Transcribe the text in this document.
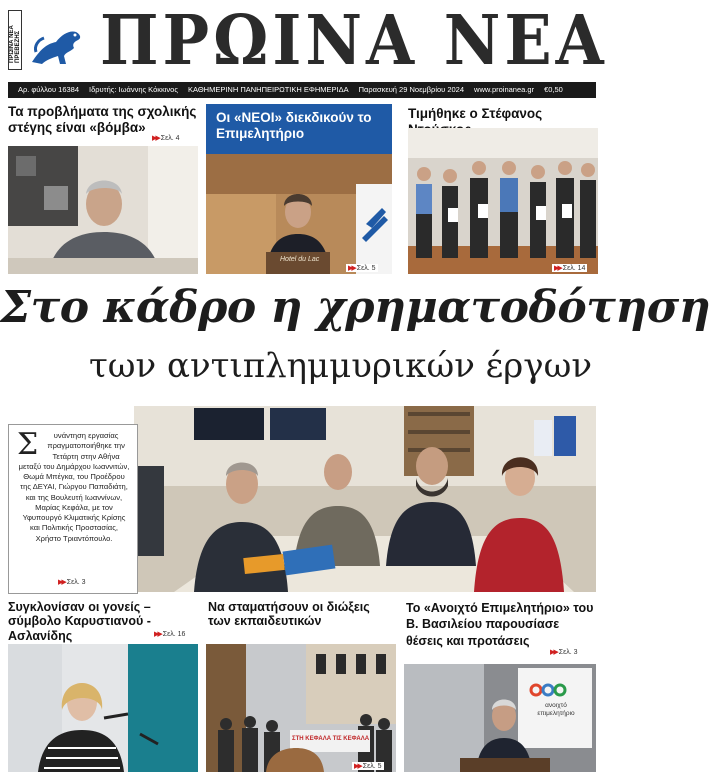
ΠΡΩΙΝΑ ΝΕΑ ΠΡΕΒΕΖΗΣ ΠΡΩΙΝΑ ΝΕΑ
Αρ. φύλλου 16384 Ιδρυτής: Ιωάννης Κόκκινος ΚΑΘΗΜΕΡΙΝΗ ΠΑΝΗΠΕΙΡΩΤΙΚΗ ΕΦΗΜΕΡΙΔΑ Παρασκευή 29 Νοεμβρίου 2024 www.proinanea.gr €0,50
Τα προβλήματα της σχολικής στέγης είναι «βόμβα»
▶▶ Σελ. 4
Οι «ΝΕΟΙ» διεκδικούν το Επιμελητήριο
Hotel du Lac
▶▶ Σελ. 5
Τιμήθηκε ο Στέφανος
▶▶ Σελ. 14
Στο κάδρο η χρηματοδότηση
των αντιπλημμυρικών έργων
Σ υνάντηση εργασίας πραγματοποιήθηκε την Τετάρτη στην Αθήνα μεταξύ του Δημάρχου Ιωαννιτών, Θωμά Μπέγκα, του Προέδρου της ΔΕΥΑΙ, Γιώργου Παπαδιάτη, και της Βουλευτή Ιωαννίνων, Μαρίας Κεφάλα, με τον Υφυπουργό Κλιματικής Κρίσης και Πολιτικής Προστασίας, Χρήστο Τριαντόπουλο.
▶▶ Σελ. 3
Συγκλονίσαν οι γονείς – σύμβολο Καρυστιανού - Ασλανίδης	▶▶ Σελ. 16
Να σταματήσουν οι διώξεις των εκπαιδευτικών
ΣΤΗ ΚΕΦΑΛΑ ΤΙΣ ΚΕΦΑΛΑ
▶▶ Σελ. 5
Το «Ανοιχτό Επιμελητήριο» του Β. Βασιλείου παρουσίασε θέσεις και προτάσεις
▶▶ Σελ. 3
ανοιχτό επιμελητήριο
